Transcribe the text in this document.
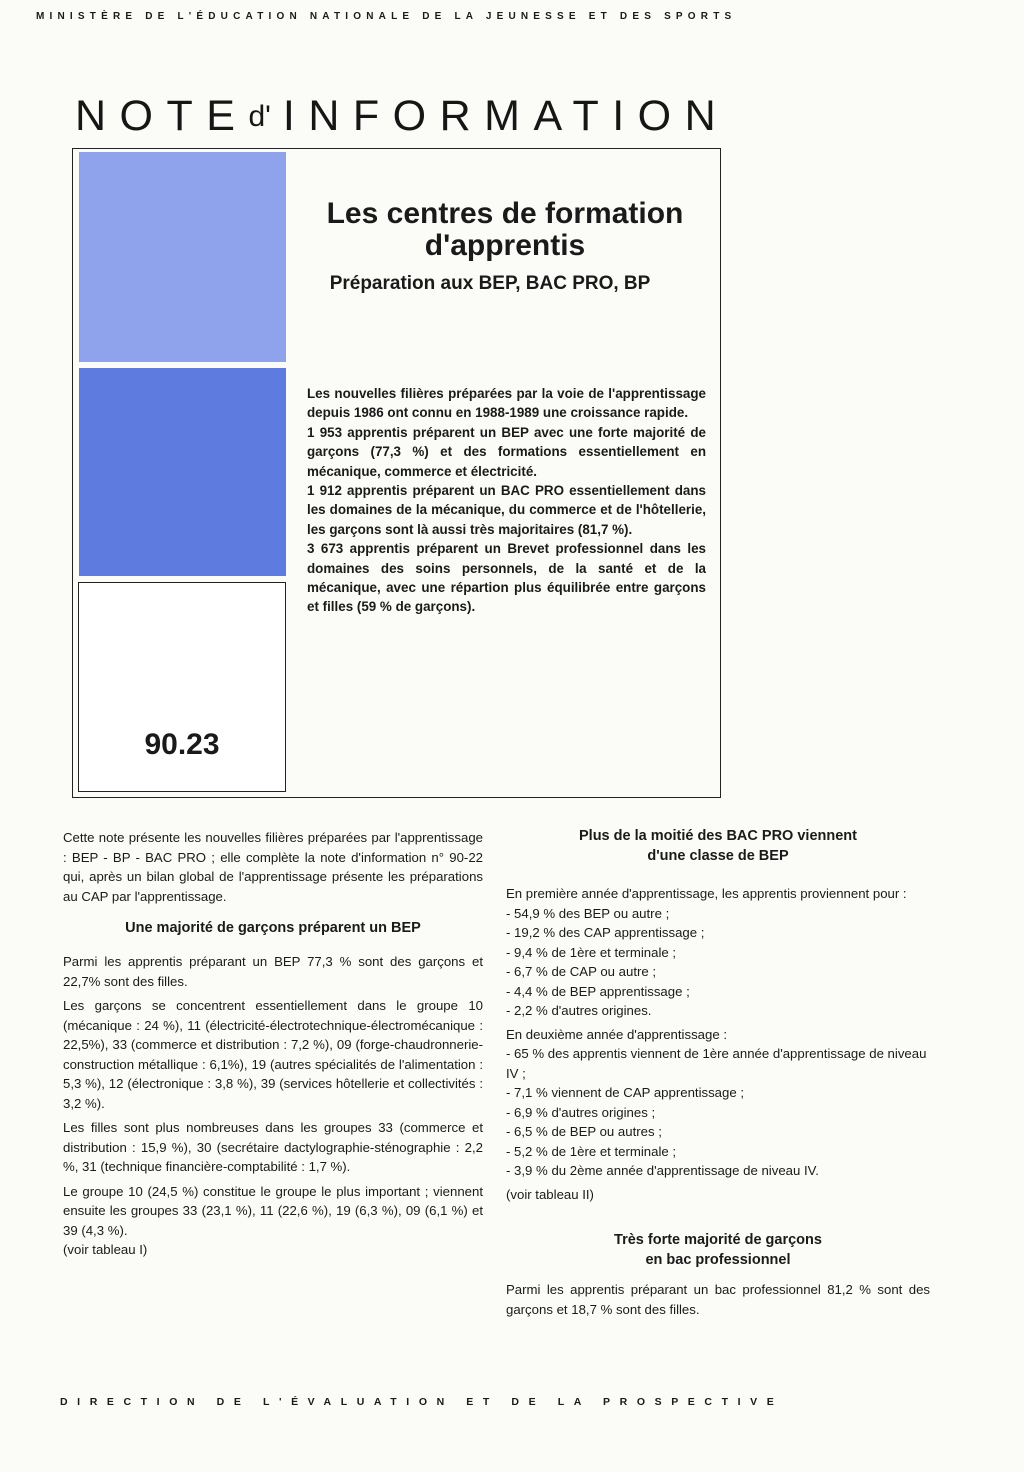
MINISTÈRE DE L'ÉDUCATION NATIONALE DE LA JEUNESSE ET DES SPORTS
$NOTE^{d'}$ INFORMATION
90.23
Les centres de formation
d'apprentis
Préparation aux BEP, BAC PRO, BP

Les nouvelles filières préparées par la voie de l'apprentissage depuis 1986 ont connu en 1988-1989 une croissance rapide.

1 953 apprentis préparent un BEP avec une forte majorité de garçons (77,3 %) et des formations essentiellement en mécanique, commerce et électricité.

1 912 apprentis préparent un BAC PRO essentiellement dans les domaines de la mécanique, du commerce et de l'hôtellerie, les garçons sont là aussi très majoritaires (81,7 %).

3 673 apprentis préparent un Brevet professionnel dans les domaines des soins personnels, de la santé et de la mécanique, avec une répartion plus équilibrée entre garçons et filles (59 % de garçons).

Cette note présente les nouvelles filières préparées par l'apprentissage : BEP - BP - BAC PRO ; elle complète la note d'information n° 90-22 qui, après un bilan global de l'apprentissage présente les préparations au CAP par l'apprentissage.

Une majorité de garçons préparent un BEP

Parmi les apprentis préparant un BEP 77,3 % sont des garçons et 22,7% sont des filles.

Les garçons se concentrent essentiellement dans le groupe 10 (mécanique : 24 %), 11 (électricité-électrotechnique-électromécanique : 22,5%), 33 (commerce et distribution : 7,2 %), 09 (forge-chaudronnerie-construction métallique : 6,1%), 19 (autres spécialités de l'alimentation : 5,3 %), 12 (électronique : 3,8 %), 39 (services hôtellerie et collectivités : 3,2 %).

Les filles sont plus nombreuses dans les groupes 33 (commerce et distribution : 15,9 %), 30 (secrétaire dactylographie-sténographie : 2,2 %, 31 (technique financière-comptabilité : 1,7 %).

Le groupe 10 (24,5 %) constitue le groupe le plus important ; viennent ensuite les groupes 33 (23,1 %), 11 (22,6 %), 19 (6,3 %), 09 (6,1 %) et 39 (4,3 %).

(voir tableau I)

Plus de la moitié des BAC PRO viennent
d'une classe de BEP

En première année d'apprentissage, les apprentis proviennent pour :

- 54,9 % des BEP ou autre ;
- 19,2 % des CAP apprentissage ;
- 9,4 % de 1ère et terminale ;
- 6,7 % de CAP ou autre ;
- 4,4 % de BEP apprentissage ;
- 2,2 % d'autres origines.

En deuxième année d'apprentissage :

- 65 % des apprentis viennent de 1ère année d'apprentissage de niveau IV ;
- 7,1 % viennent de CAP apprentissage ;
- 6,9 % d'autres origines ;
- 6,5 % de BEP ou autres ;
- 5,2 % de 1ère et terminale ;
- 3,9 % du 2ème année d'apprentissage de niveau IV.

(voir tableau II)

Très forte majorité de garçons
en bac professionnel

Parmi les apprentis préparant un bac professionnel 81,2 % sont des garçons et 18,7 % sont des filles.

DIRECTION DE L'ÉVALUATION ET DE LA PROSPECTIVE
